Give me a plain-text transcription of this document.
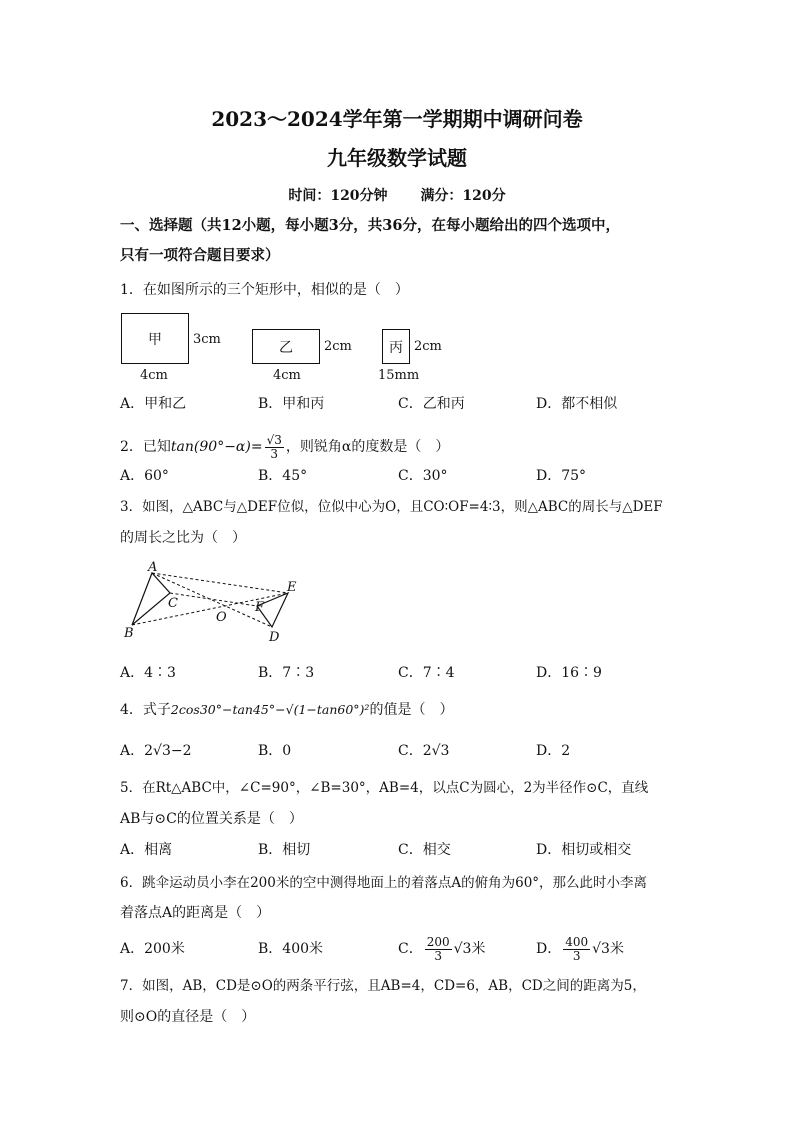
2023～2024学年第一学期期中调研问卷
九年级数学试题
时间：120分钟 满分：120分
一、选择题（共12小题，每小题3分，共36分，在每小题给出的四个选项中，
只有一项符合题目要求）
1．在如图所示的三个矩形中，相似的是（　）
甲 3cm
4cm
乙 2cm
4cm
丙 2cm
15mm
A．甲和乙	B．甲和丙	C．乙和丙	D．都不相似
2．已知$\tan(90^\circ-\alpha)= \frac{√3}{3}$ ，则锐角α的度数是（　）
A．60°	B．45°	C．30°	D．75°
3．如图，△ABC与△DEF位似，位似中心为O，且CO∶OF=4∶3，则△ABC的周长与△DEF
的周长之比为（　）
A
B
C
O
F
E
D
A．4∶3	B．7∶3	C．7∶4	D．16∶9
4．式子2cos30°−tan45°−√(1−tan60°)²的值是（　）
A．2√3−2	B．0	C．2√3	D．2
5．在Rt△ABC中，∠C=90°，∠B=30°，AB=4，以点C为圆心，2为半径作⊙C，直线
AB与⊙C的位置关系是（　）
A．相离	B．相切	C．相交	D．相切或相交
6．跳伞运动员小李在200米的空中测得地面上的着落点A的俯角为60°，那么此时小李离
着落点A的距离是（　）
A．200米	B．400米	C． $\frac{200}{3} √3$米	D． $\frac{400}{3} √3$米
7．如图，AB，CD是⊙O的两条平行弦，且AB=4，CD=6，AB，CD之间的距离为5，
则⊙O的直径是（　）
